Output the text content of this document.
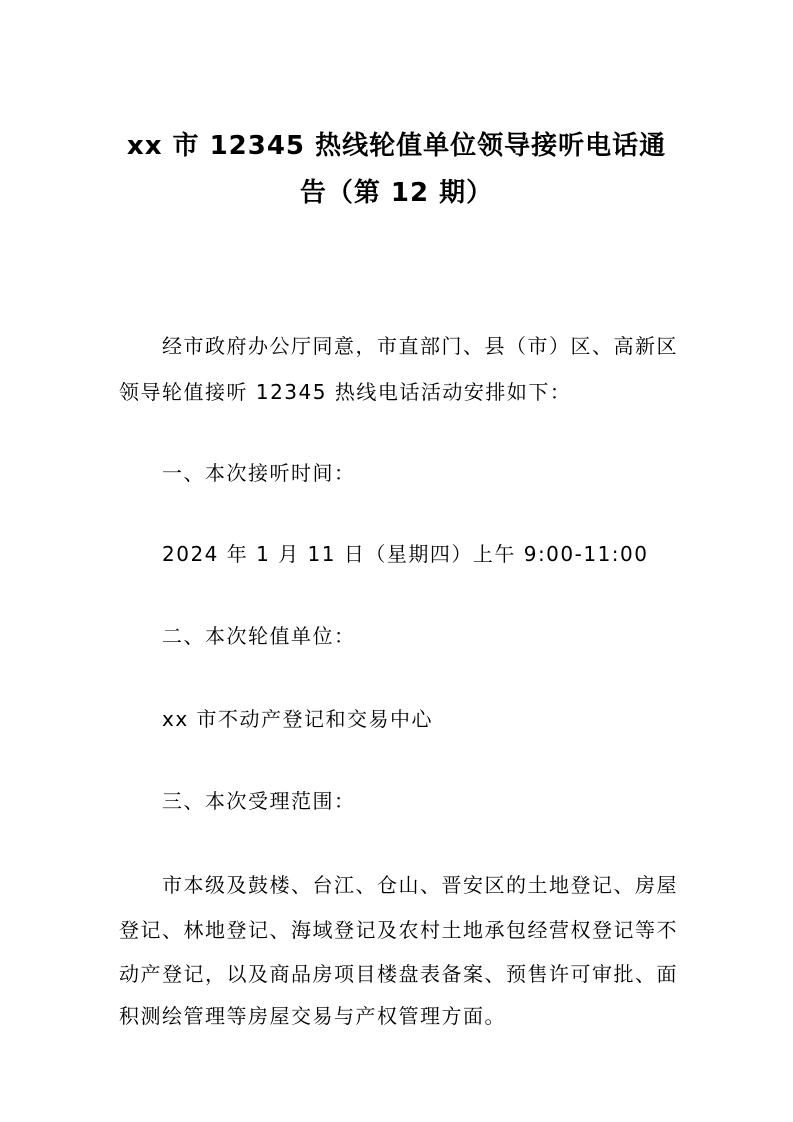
xx 市 12345 热线轮值单位领导接听电话通
告（第 12 期）
经市政府办公厅同意，市直部门、县（市）区、高新区
领导轮值接听 12345 热线电话活动安排如下：
一、本次接听时间：
2024 年 1 月 11 日（星期四）上午 9:00-11:00
二、本次轮值单位：
xx 市不动产登记和交易中心
三、本次受理范围：
市本级及鼓楼、台江、仓山、晋安区的土地登记、房屋
登记、林地登记、海域登记及农村土地承包经营权登记等不
动产登记，以及商品房项目楼盘表备案、预售许可审批、面
积测绘管理等房屋交易与产权管理方面。
